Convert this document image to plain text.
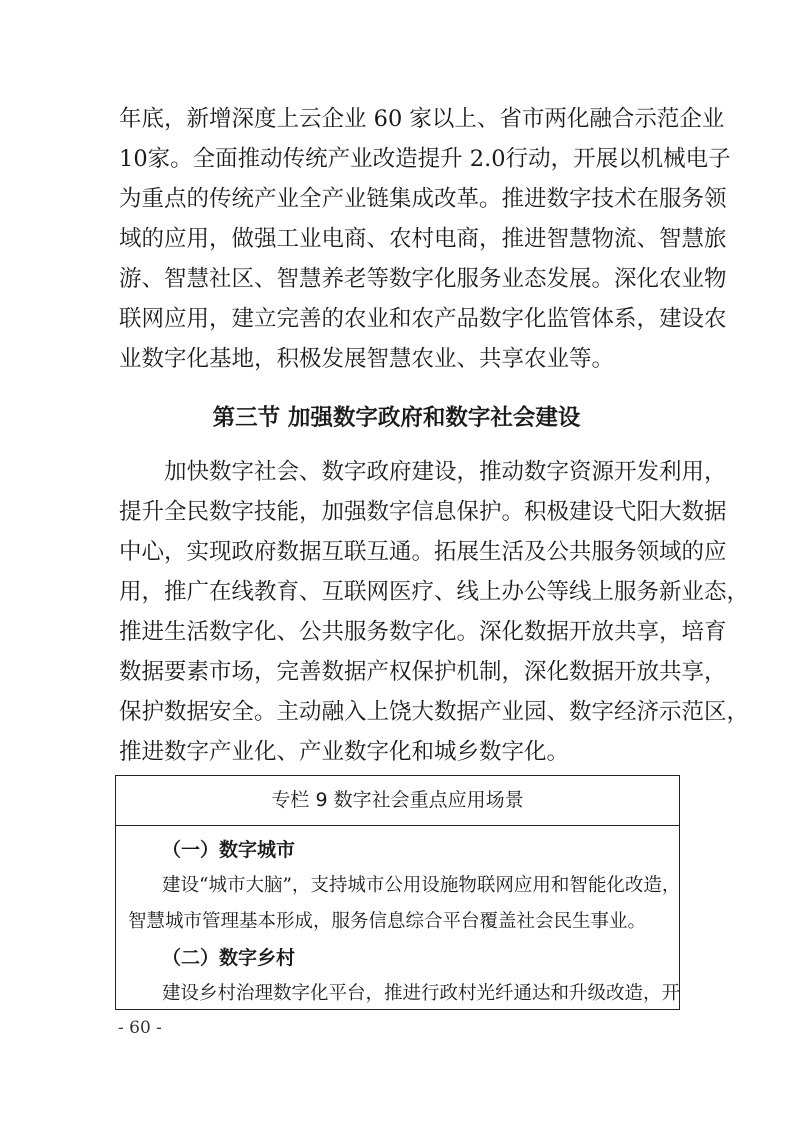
年底，新增深度上云企业 60 家以上、省市两化融合示范企业
10家。全面推动传统产业改造提升 2.0行动，开展以机械电子
为重点的传统产业全产业链集成改革。推进数字技术在服务领
域的应用，做强工业电商、农村电商，推进智慧物流、智慧旅
游、智慧社区、智慧养老等数字化服务业态发展。深化农业物
联网应用，建立完善的农业和农产品数字化监管体系，建设农
业数字化基地，积极发展智慧农业、共享农业等。
第三节 加强数字政府和数字社会建设
加快数字社会、数字政府建设，推动数字资源开发利用，
提升全民数字技能，加强数字信息保护。积极建设弋阳大数据
中心，实现政府数据互联互通。拓展生活及公共服务领域的应
用，推广在线教育、互联网医疗、线上办公等线上服务新业态，
推进生活数字化、公共服务数字化。深化数据开放共享，培育
数据要素市场，完善数据产权保护机制，深化数据开放共享，
保护数据安全。主动融入上饶大数据产业园、数字经济示范区，
推进数字产业化、产业数字化和城乡数字化。
专栏 9 数字社会重点应用场景
（一）数字城市
建设“城市大脑”，支持城市公用设施物联网应用和智能化改造，
智慧城市管理基本形成，服务信息综合平台覆盖社会民生事业。
（二）数字乡村
建设乡村治理数字化平台，推进行政村光纤通达和升级改造，开
- 60 -
